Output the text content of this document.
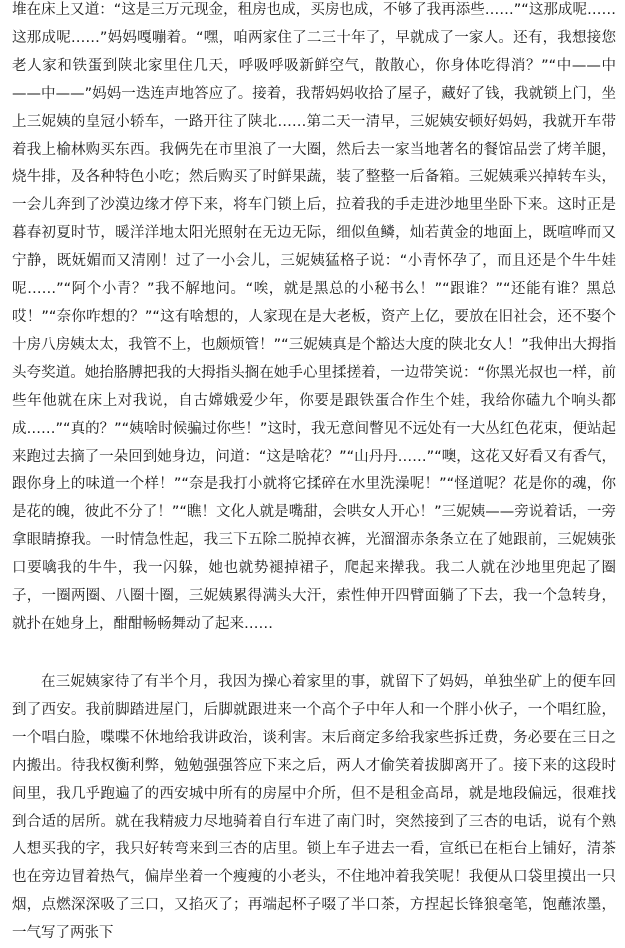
堆在床上又道：“这是三万元现金，租房也成，买房也成，不够了我再添些……”“这那成呢……这那成呢……”妈妈嘎嘣着。“嘿，咱两家住了二三十年了，早就成了一家人。还有，我想接您老人家和铁蛋到陕北家里住几天，呼吸呼吸新鲜空气，散散心，你身体吃得消？”“中——中——中——”妈妈一迭连声地答应了。接着，我帮妈妈收拾了屋子，藏好了钱，我就锁上门，坐上三妮姨的皇冠小轿车，一路开往了陕北……第二天一清早，三妮姨安顿好妈妈，我就开车带着我上榆林购买东西。我俩先在市里浪了一大圈，然后去一家当地著名的餐馆品尝了烤羊腿，烧牛排，及各种特色小吃；然后购买了时鲜果蔬，装了整整一后备箱。三妮姨乘兴掉转车头，一会儿奔到了沙漠边缘才停下来，将车门锁上后，拉着我的手走进沙地里坐卧下来。这时正是暮春初夏时节，暖洋洋地太阳光照射在无边无际，细似鱼鳞，灿若黄金的地面上，既喧哗而又宁静，既妩媚而又清刚！过了一小会儿，三妮姨猛格子说：“小青怀孕了，而且还是个牛牛娃呢……”“阿个小青？”我不解地问。“唉，就是黑总的小秘书么！”“跟谁？”“还能有谁？黑总哎！”“奈你咋想的？”“这有啥想的，人家现在是大老板，资产上亿，要放在旧社会，还不娶个十房八房姨太太，我管不上，也颇烦管！”“三妮姨真是个豁达大度的陕北女人！”我伸出大拇指头夸奖道。她抬胳膊把我的大拇指头搁在她手心里揉搓着，一边带笑说：“你黑光叔也一样，前些年他就在床上对我说，自古嫦娥爱少年，你要是跟铁蛋合作生个娃，我给你磕九个响头都成……”“真的？”“姨啥时候骗过你些！”这时，我无意间瞥见不远处有一大丛红色花束，便站起来跑过去摘了一朵回到她身边，问道：“这是啥花？”“山丹丹……”“噢，这花又好看又有香气，跟你身上的味道一个样！”“奈是我打小就将它揉碎在水里洗澡呢！”“怪道呢？花是你的魂，你是花的魄，彼此不分了！”“瞧！文化人就是嘴甜，会哄女人开心！”三妮姨——旁说着话，一旁拿眼睛撩我。一时情急性起，我三下五除二脱掉衣裤，光溜溜赤条条立在了她跟前，三妮姨张口要噙我的牛牛，我一闪躲，她也就势褪掉裙子，爬起来撵我。我二人就在沙地里兜起了圈子，一圈两圈、八圈十圈，三妮姨累得满头大汗，索性伸开四臂面躺了下去，我一个急转身，就扑在她身上，酣酣畅畅舞动了起来……

在三妮姨家待了有半个月，我因为操心着家里的事，就留下了妈妈，单独坐矿上的便车回到了西安。我前脚踏进屋门，后脚就跟进来一个高个子中年人和一个胖小伙子，一个唱红脸，一个唱白脸，喋喋不休地给我讲政治，谈利害。末后商定多给我家些拆迁费，务必要在三日之内搬出。待我权衡利弊，勉勉强强答应下来之后，两人才偷笑着拔脚离开了。接下来的这段时间里，我几乎跑遍了的西安城中所有的房屋中介所，但不是租金高昂，就是地段偏远，很难找到合适的居所。就在我精疲力尽地骑着自行车进了南门时，突然接到了三杏的电话，说有个熟人想买我的字，我只好转弯来到三杏的店里。锁上车子进去一看，宣纸已在柜台上铺好，清茶也在旁边冒着热气，偏岸坐着一个瘦瘦的小老头，不住地冲着我笑呢！我便从口袋里摸出一只烟，点燃深深吸了三口，又掐灭了；再端起杯子啜了半口茶，方捏起长锋狼毫笔，饱蘸浓墨，一气写了两张下
